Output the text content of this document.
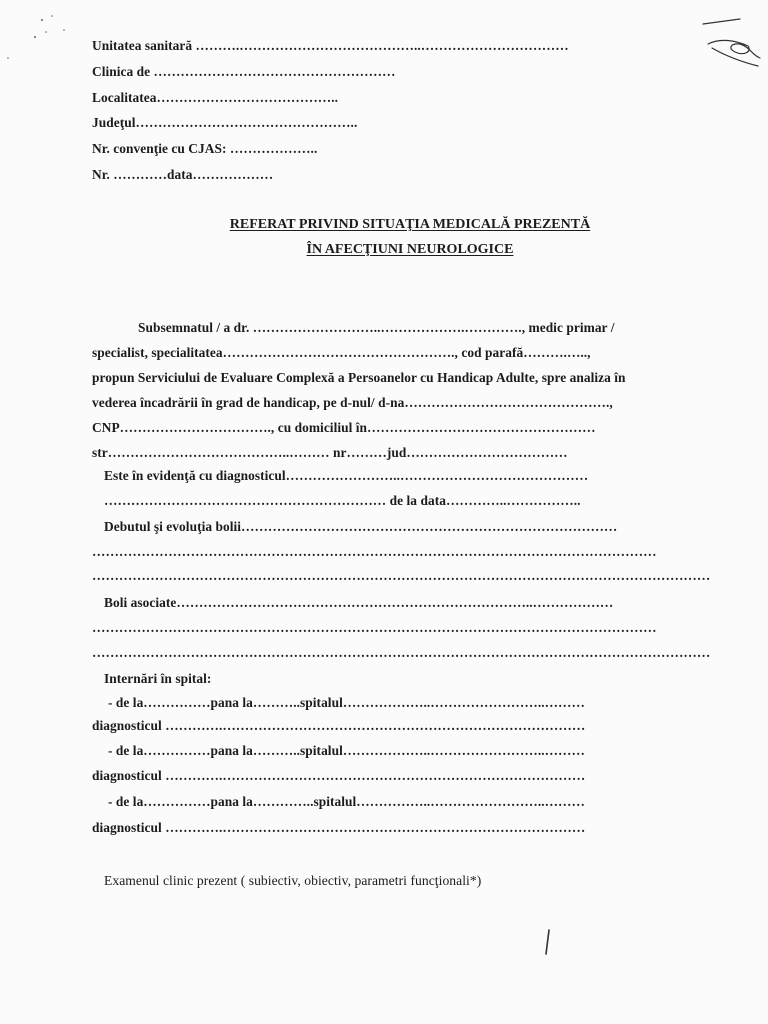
Unitatea sanitară ……….…………………………………..……………………………
Clinica de ………………………………………………
Localitatea…………………………………..
Judeţul…………………………………………..
Nr. convenţie cu CJAS: ………………..
Nr. …………data………………
REFERAT PRIVIND SITUAŢIA MEDICALĂ PREZENTĂ
ÎN AFECŢIUNI NEUROLOGICE
Subsemnatul / a dr. ………………………..……………….…………., medic primar /
specialist, specialitatea……………………………………………., cod parafă……….…..,
propun Serviciului de Evaluare Complexă a Persoanelor cu Handicap Adulte, spre analiza în
vederea încadrării în grad de handicap, pe d-nul/ d-na……………………………………….,
CNP……………………………., cu domiciliul în……………………………………………
str…………………………………..……… nr………jud………………………………
Este în evidenţă cu diagnosticul……………………..……………………………………
……………………………………………………… de la data…………..……………..
Debutul şi evoluţia bolii…………………………………………………………………………
………………………………………………………………………………………………………………
…………………………………………………………………………………………………………………………
Boli asociate……………………………………………………………………..………………
………………………………………………………………………………………………………………
…………………………………………………………………………………………………………………………
Internări în spital:
- de la……………pana la………..spitalul………………..……………………..………
diagnosticul ………….………………………………………………………………………
- de la……………pana la………..spitalul………………..……………………..………
diagnosticul ………….………………………………………………………………………
- de la……………pana la…………..spitalul……………..……………………..………
diagnosticul ………….………………………………………………………………………
Examenul clinic prezent ( subiectiv, obiectiv, parametri funcţionali*)
